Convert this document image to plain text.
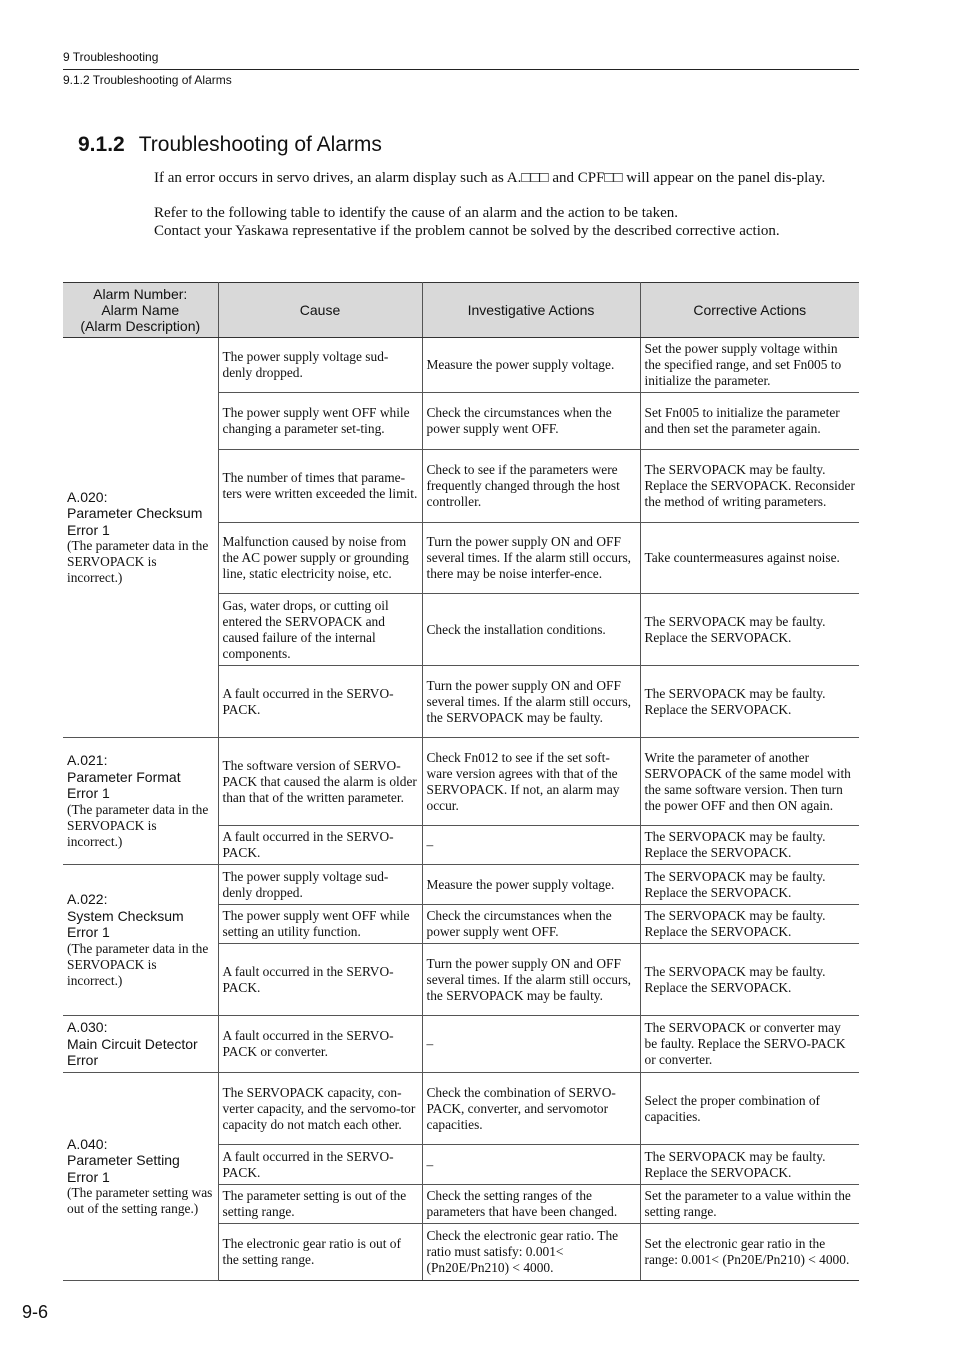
9 Troubleshooting
9.1.2 Troubleshooting of Alarms
9.1.2 Troubleshooting of Alarms

If an error occurs in servo drives, an alarm display such as A.□□□ and CPF□□ will appear on the panel dis-play.

Refer to the following table to identify the cause of an alarm and the action to be taken.

Contact your Yaskawa representative if the problem cannot be solved by the described corrective action.

Alarm Number:
Alarm Name
(Alarm Description)	Cause	Investigative Actions	Corrective Actions

A.020:
Parameter Checksum Error 1
(The parameter data in the SERVOPACK is incorrect.)	The power supply voltage sud-denly dropped.	Measure the power supply voltage.	Set the power supply voltage within the specified range, and set Fn005 to initialize the parameter.
	The power supply went OFF while changing a parameter set-ting.	Check the circumstances when the power supply went OFF.	Set Fn005 to initialize the parameter and then set the parameter again.
	The number of times that parame-ters were written exceeded the limit.	Check to see if the parameters were frequently changed through the host controller.	The SERVOPACK may be faulty. Replace the SERVOPACK. Reconsider the method of writing parameters.
	Malfunction caused by noise from the AC power supply or grounding line, static electricity noise, etc.	Turn the power supply ON and OFF several times. If the alarm still occurs, there may be noise interfer-ence.	Take countermeasures against noise.
	Gas, water drops, or cutting oil entered the SERVOPACK and caused failure of the internal components.	Check the installation conditions.	The SERVOPACK may be faulty. Replace the SERVOPACK.
	A fault occurred in the SERVO-PACK.	Turn the power supply ON and OFF several times. If the alarm still occurs, the SERVOPACK may be faulty.	The SERVOPACK may be faulty. Replace the SERVOPACK.

A.021:
Parameter Format Error 1
(The parameter data in the SERVOPACK is incorrect.)	The software version of SERVO-PACK that caused the alarm is older than that of the written parameter.	Check Fn012 to see if the set soft-ware version agrees with that of the SERVOPACK. If not, an alarm may occur.	Write the parameter of another SERVOPACK of the same model with the same software version. Then turn the power OFF and then ON again.
	A fault occurred in the SERVO-PACK.	–	The SERVOPACK may be faulty. Replace the SERVOPACK.

A.022:
System Checksum Error 1
(The parameter data in the SERVOPACK is incorrect.)	The power supply voltage sud-denly dropped.	Measure the power supply voltage.	The SERVOPACK may be faulty. Replace the SERVOPACK.
	The power supply went OFF while setting an utility function.	Check the circumstances when the power supply went OFF.	The SERVOPACK may be faulty. Replace the SERVOPACK.
	A fault occurred in the SERVO-PACK.	Turn the power supply ON and OFF several times. If the alarm still occurs, the SERVOPACK may be faulty.	The SERVOPACK may be faulty. Replace the SERVOPACK.

A.030:
Main Circuit Detector Error	A fault occurred in the SERVO-PACK or converter.	–	The SERVOPACK or converter may be faulty. Replace the SERVO-PACK or converter.

A.040:
Parameter Setting Error 1
(The parameter setting was out of the setting range.)	The SERVOPACK capacity, con-verter capacity, and the servomo-tor capacity do not match each other.	Check the combination of SERVO-PACK, converter, and servomotor capacities.	Select the proper combination of capacities.
	A fault occurred in the SERVO-PACK.	–	The SERVOPACK may be faulty. Replace the SERVOPACK.
	The parameter setting is out of the setting range.	Check the setting ranges of the parameters that have been changed.	Set the parameter to a value within the setting range.
	The electronic gear ratio is out of the setting range.	Check the electronic gear ratio. The ratio must satisfy: 0.001< (Pn20E/Pn210) < 4000.	Set the electronic gear ratio in the range: 0.001< (Pn20E/Pn210) < 4000.
9-6
